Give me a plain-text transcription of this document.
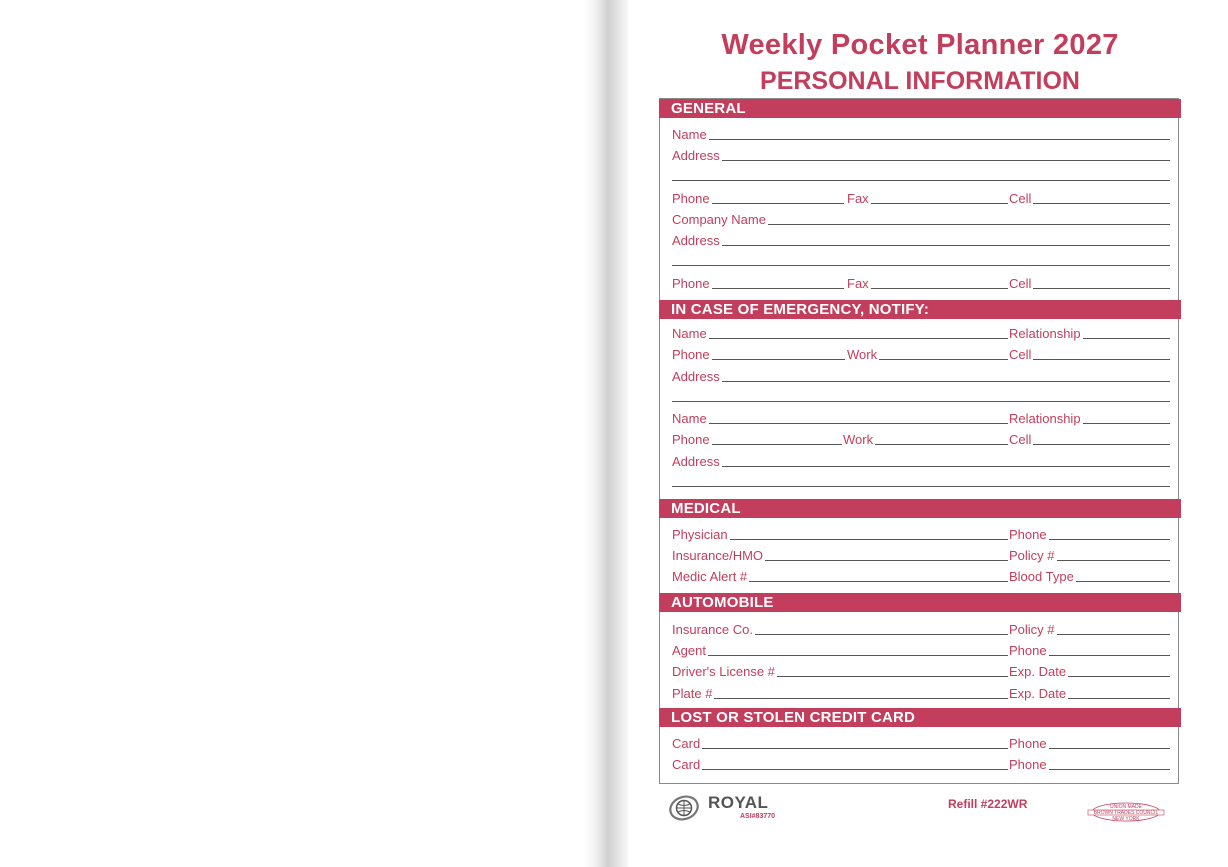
Weekly Pocket Planner 2027
PERSONAL INFORMATION
GENERAL
Name
Address
Phone	Fax	Cell
Company Name
Address
Phone	Fax	Cell
IN CASE OF EMERGENCY, NOTIFY:
Name	Relationship
Phone	Work	Cell
Address
Name	Relationship
Phone	Work	Cell
Address
MEDICAL
Physician	Phone
Insurance/HMO	Policy #
Medic Alert #	Blood Type
AUTOMOBILE
Insurance Co.	Policy #
Agent	Phone
Driver's License #	Exp. Date
Plate #	Exp. Date
LOST OR STOLEN CREDIT CARD
Card	Phone
Card	Phone
ROYAL
ASI#83770
Refill #222WR	UNION MADE
BROWN TRADES COUNCIL
NEW YORK
